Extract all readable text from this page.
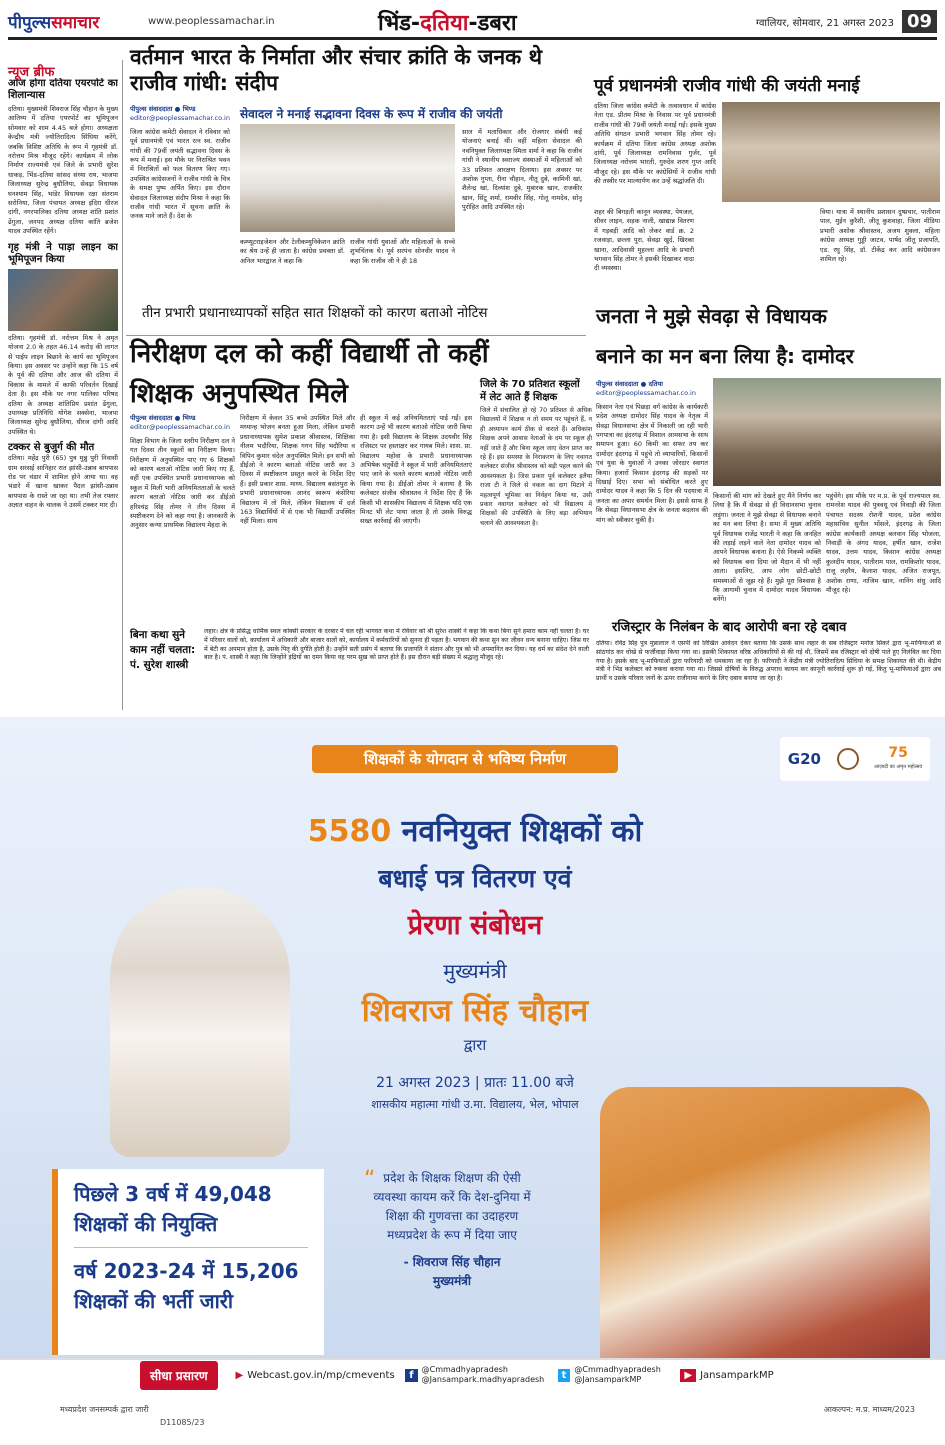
पीपुल्ससमाचार	www.peoplessamachar.in	भिंड-दतिया-डबरा	ग्वालियर, सोमवार, 21 अगस्त 2023 09
न्यूज ब्रीफ
आज होगा दतिया एयरपोर्ट का शिलान्यास
दतिया। मुख्यमंत्री शिवराज सिंह चौहान के मुख्य आतिथ्य में दतिया एयरपोर्ट का भूमिपूजन सोमवार को शाम 4.45 बजे होगा। अध्यक्षता केन्द्रीय मंत्री ज्योतिरादित्य सिंधिया करेंगे, जबकि विशिष्ट अतिथि के रूप में गृहमंत्री डॉ. नरोत्तम मिश्र मौजूद रहेंगे। कार्यक्रम में लोक निर्माण राज्यमंत्री एवं जिले के प्रभारी सुरेश धाकड़, भिंड-दतिया सांसद संध्या राय, भाजपा जिलाध्यक्ष सुरेन्द्र बुधौलिया, सेवढ़ा विधायक घनश्याम सिंह, भांडेर विधायक रक्षा संतराम सरोनिया, जिला पंचायत अध्यक्ष इंदिरा धीरज दांगी, नगरपालिका दतिया अध्यक्ष शांति प्रशांत ढेंगुला, जनपद अध्यक्ष दतिया कांति ब्रजेश यादव उपस्थित रहेंगे।
गृह मंत्री ने पाड़ा लाइन का भूमिपूजन किया
दतिया। गृहमंत्री डॉ. नरोत्तम मिश्र ने अमृत योजना 2.0 के तहत 46.14 करोड़ की लागत से पाईप लाइन बिछाने के कार्य का भूमिपूजन किया। इस अवसर पर उन्होंने कहा कि 15 वर्ष के पूर्व की दतिया और आज की दतिया में विकास के मामले में काफी परिवर्तन दिखाई देता है। इस मौके पर नगर पालिका परिषद दतिया के अध्यक्ष शांतिप्रिय प्रशांत ढेंगुला, उपाध्यक्ष प्रतिनिधि योगेश सक्सेना, भाजपा जिलाध्यक्ष सुरेन्द्र बुधौलिया, धीरज दांगी आदि उपस्थित थे।
टक्कर से बुजुर्ग की मौत
दतिया। महेंद्र पुरी (65) पुत्र मुन्नु पुरी निवासी ग्राम सरसई सानिहार रात झांसी-उन्नाव बायपास रोड पर चंडार में शामिल होने आया था। वह भंडारे में खाना खाकर पैदल झांसी-उन्नाव बायपास के रास्ते जा रहा था। तभी तेज रफ्तार अज्ञात वाहन के चालक ने उसमें टक्कर मार दी।
वर्तमान भारत के निर्माता और संचार क्रांति के जनक थे राजीव गांधी: संदीप
पीपुल्स संवाददाता ● भिण्ड
editor@peoplessamachar.co.in
जिला कांग्रेस कमेटी सेवादल ने रविवार को पूर्व प्रधानमंत्री एवं भारत रत्न स्व. राजीव गांधी की 79वीं जयंती सद्भावना दिवस के रूप में मनाई। इस मौके पर निराश्रित भवन में निराश्रितों को फल वितरण किए गए। उपस्थित कांग्रेसजनों ने राजीव गांधी के चित्र के समक्ष पुष्प अर्पित किए। इस दौरान सेवादल जिलाध्यक्ष संदीप मिश्रा ने कहा कि राजीव गांधी भारत में सूचना क्रांति के जनक माने जाते हैं। देश के
सेवादल ने मनाई सद्भावना दिवस के रूप में राजीव की जयंती
कम्प्यूटराइजेशन और टेलीकम्युनिकेशन क्रांति का श्रेय उन्हें ही जाता है। कांग्रेस प्रवक्ता डॉ. अनिल भारद्वाज ने कहा कि
राजीव गांधी युवाओं और महिलाओं के सच्चे शुभचिंतक थे। पूर्व सरपंच सोनवीर यादव ने कहा कि राजीव जी ने ही 18
साल में मताधिकार और रोजगार संबंधी कई योजनाएं बनाई थीं। वहीं महिला सेवादल की नवनियुक्त जिलाध्यक्ष स्मिता शर्मा ने कहा कि राजीव गांधी ने स्थानीय स्वराज्य संस्थाओं में महिलाओं को 33 प्रतिशत आरक्षण दिलाया। इस अवसर पर अशोक गुप्ता, रीना चौहान, नीतू दुबे, कामिनी खां, शैलेन्द्र खां, दिव्यांश दुबे, मुबारक खान, राजकीर खान, सिंटू शर्मा, रामवीर सिंह, गोलू नामदेव, सोनू पुरोहित आदि उपस्थित रहे।
पूर्व प्रधानमंत्री राजीव गांधी की जयंती मनाई
दतिया जिला कांग्रेस कमेटी के तत्वावधान में कांग्रेस नेता एड. प्रीतम मिश्रा के निवास पर पूर्व प्रधानमंत्री राजीव गांधी की 79वीं जयंती मनाई गई। इसके मुख्य अतिथि संगठन प्रभारी भगवान सिंह तोमर रहे। कार्यक्रम में दतिया जिला कांग्रेस अध्यक्ष अशोक दांगी, पूर्व जिलाध्यक्ष रामनिवास गुर्जर, पूर्व जिलाध्यक्ष नरोत्तम भारती, गुरुदेव शरण गुप्त आदि मौजूद रहे। इस मौके पर कांग्रेसियों ने राजीव गांधी की तस्वीर पर माल्यार्पण कर उन्हें श्रद्धांजलि दी।
शहर की बिगड़ती कानून व्यवस्था, पेयजल, सीवर लाइन, सड़क नाली, खाद्यान्न वितरण में गड़बड़ी आदि को लेकर वार्ड क्र. 2 रजवाड़ा, छल्ला पुरा, सेवढ़ा खुर्द, खिरका खाना, आदिवासी मुहल्ला आदि के प्रभारी भगवान सिंह तोमर ने इसकी दिखाकर वादा दी व्यवस्था।
विया। यात्रा में स्थानीय प्रशासन दुष्प्रचार, पातीराम पाल, मुईन कुरैशी, जीतू कुशवाहा, जिला मीडिया प्रभारी अशोक श्रीवास्तव, अजय शुक्ला, महिला कांग्रेस अध्यक्ष गुड्डी जाटव, पार्षद जीतू प्रजापति, एड. रघु सिंह, डॉ. टीकेंद्र कर आदि कांग्रेसजन शामिल रहे।
तीन प्रभारी प्रधानाध्यापकों सहित सात शिक्षकों को कारण बताओ नोटिस
निरीक्षण दल को कहीं विद्यार्थी तो कहीं
शिक्षक अनुपस्थित मिले
पीपुल्स संवाददाता ● भिण्ड
editor@peoplessamachar.co.in
शिक्षा विभाग के जिला स्तरीय निरीक्षण दल ने गत दिवस तीन स्कूलों का निरीक्षण किया। निरीक्षण में अनुपस्थित पाए गए 6 शिक्षकों को कारण बताओ नोटिस जारी किए गए हैं, वहीं एक उपस्थित प्रभारी प्रधानाध्यापक को स्कूल में मिली भारी अनियमितताओं के चलते कारण बताओ नोटिस जारी कर डीईओ हरिश्चंद्र सिंह तोमर ने तीन दिवस में स्पष्टीकरण देने को कहा गया है। जानकारी के अनुसार कन्या प्राथमिक विद्यालय मेहदा के
निरीक्षण में केवल 35 बच्चे उपस्थित मिले और मध्यान्ह भोजन बनता हुआ मिला, लेकिन प्रभारी प्रधानाध्यापक सुमेश प्रकाश श्रीवास्तव, शिक्षिका नीलम भदौरिया, शिक्षक गगन सिंह भदौरिया व विपिन कुमार चंदेल अनुपस्थित मिले। इन सभी को डीईओ ने कारण बताओ नोटिस जारी कर 3 दिवस में स्पष्टीकरण प्रस्तुत करने के निर्देश दिए हैं। इसी प्रकार शास. माध्य. विद्यालय बसंतपुरा के प्रभारी प्रधानाध्यापक आनंद स्वरूप कंसेरिया विद्यालय में तो मिले, लेकिन विद्यालय में दर्ज 163 विद्यार्थियों में से एक भी विद्यार्थी उपस्थित नहीं मिला। साथ
ही स्कूल में कई अनियमितताएं पाई गईं। इस कारण उन्हें भी कारण बताओ नोटिस जारी किया गया है। इसी विद्यालय के शिक्षक उदयवीर सिंह रजिस्टर पर हस्ताक्षर कर गायब मिले। शास. प्रा. विद्यालय महोवा के प्रभारी प्रधानाध्यापक अभिषेक चतुर्वेदी ने स्कूल में भारी अनियमितताएं पाए जाने के चलते कारण बताओ नोटिस जारी किया गया है। डीईओ तोमर ने बताया है कि कलेक्टर संजीव श्रीवास्तव ने निर्देश दिए हैं कि किसी भी शासकीय विद्यालय में शिक्षक यदि एक मिनट भी लेट पाया जाता है तो उसके विरुद्ध सख्त कार्रवाई की जाएगी।
जिले के 70 प्रतिशत स्कूलों
में लेट आते हैं शिक्षक
जिले में संचालित हो रहे 70 प्रतिशत से अधिक विद्यालयों में शिक्षक न तो समय पर पहुंचते हैं, न ही अध्यापन कार्य ठीक से कराते हैं। अधिकांश शिक्षक अपने आवास नेताओं के दम पर स्कूल ही नहीं जाते हैं और बिना स्कूल जाए वेतन प्राप्त कर रहे हैं। इस समस्या के निराकरण के लिए नवागत कलेक्टर संजीव श्रीवास्तव को बड़ी पहल करने की आवश्यकता है। जिस प्रकार पूर्व कलेक्टर इलैया राजा टी ने जिले से नकल का दाग मिटाने में महत्वपूर्ण भूमिका का निर्वहन किया था, उसी प्रकार नवागत कलेक्टर को भी विद्यालय में शिक्षकों की उपस्थिति के लिए बड़ा अभियान चलाने की आवश्यकता है।
जनता ने मुझे सेवढ़ा से विधायक
बनाने का मन बना लिया है: दामोदर
पीपुल्स संवाददाता ● दतिया
editor@peoplessamachar.co.in
किसान नेता एवं पिछड़ा वर्ग कांग्रेस के कार्यकारी प्रदेश अध्यक्ष दामोदर सिंह यादव के नेतृत्व में सेवढ़ा विधानसभा क्षेत्र में निकाली जा रही भारी पगपात्रा का इंदरगढ़ में विशाल आमसभा के साथ समापन हुआ। 60 किमी का सफर तय कर दामोदर इंदरगढ़ में पहुंचे तो व्यापारियों, किसानों एवं युवा के युवाओं ने उनका जोरदार स्वागत किया। हजारों किसान इंदरगढ़ की सड़कों पर दिखाई दिए। सभा को संबोधित करते हुए दामोदर यादव ने कहा कि 5 दिन की पदयात्रा में जनता का अपार समर्थन मिला है। इससे साफ है कि सेवढ़ा विधानसभा क्षेत्र के जनता बदलाव की मांग को स्वीकार चुकी है।
किसानों की मांग को देखते हुए मैंने निर्णय कर लिया है कि मैं सेवढ़ा से ही विधानसभा चुनाव लड़ूंगा। जनता ने मुझे सेवढ़ा से विधायक बनाने का मन बना लिया है। सभा में मुख्य अतिथि पूर्व विधायक राजेंद्र भारती ने कहा कि जनहित की लड़ाई लड़ने वाले नेता दामोदर यादव को आपने विधायक बनाना है। ऐसे निकम्मे व्यक्ति को विधायक बना दिया जो मैदान में भी नहीं आता। इसलिए, आप लोग छोटी-छोटी समस्याओं से जूझ रहे हैं। मुझे पूरा विश्वास है कि आगामी चुनाव में दामोदर यादव विधायक बनेंगे।
पहुंचेंगे। इस मौके पर म.प्र. के पूर्व राज्यपाल स्व. रामनरेश यादव की पुत्रवधू एवं निवाड़ी की जिला पंचायत सदस्य रोशनी यादव, प्रदेश कांग्रेस महासचिव सुनील भोंसले, इंदरगढ़ के जिला कांग्रेस कार्यकारी अध्यक्ष बलवान सिंह भोजला, निवाड़ी के अंगद यादव, हर्षीत खान, राजेश यादव, उत्तम यादव, किसान कांग्रेस अध्यक्ष कुलदीप यादव, पातीराम पाल, रामकिशोर यादव, राजू लहरैय, कैलाश यादव, अजित राजपूत, अशोक राणा, नाजिम खान, नानिंग संधु आदि मौजूद रहे।
रजिस्ट्रार के निलंबन के बाद आरोपी बना रहे दबाव
दतिया। रविंद्र सिंह पुत्र मुन्नालाल ने एसपी को लिखित आवेदन देकर बताया कि उसके साथ लहार के सब रजिस्ट्रार मनोज सिकरे द्वारा भू-माफियाओं से सांठगांठ कर धोखे से फर्जीवाड़ा किया गया था। इसकी शिकायत वरिष्ठ अधिकारियों से की गई थी, जिसमें सब रजिस्ट्रार को दोषी पाते हुए निलंबित कर दिया गया है। इसके बाद भू-माफियाओं द्वारा फरियादी को धमकाया जा रहा है। फरियादी ने केंद्रीय मंत्री ज्योतिरादित्य सिंधिया के समक्ष शिकायत की थी। केंद्रीय मंत्री ने भिंड कलेक्टर को रुकवा कराया गया था। जिससे दोषियों के विरुद्ध अपराध कायम कर कानूनी कार्रवाई शुरू हो गई, किंतु भू-माफियाओं द्वारा अब प्रार्थी व उसके परिवार जनों के ऊपर राजीनामा करने के लिए दबाव बनाया जा रहा है।
बिना कथा सुने काम नहीं चलता: पं. सुरेश शास्त्री
लहार। क्षेत्र के प्रसिद्ध धार्मिक स्थल कांक्सी सरकार के दरबार में चल रही भागवत कथा में रविवार को श्री सुरेश शास्त्री ने कहा कि कथा बिना सुने हमारा काम नहीं चलता है। घर में परिवार वालों को, कार्यालय में अधिकारी और बाजार वालों को, कार्यालय में कर्मचारियों को सुनना ही पड़ता है। भगवान की कथा सुन कर जीवन धन्य बनाना चाहिए। जिस घर में बेटी का अपमान होता है, उसके पितृ की दुर्गति होती है। उन्होंने सती प्रसंग में बताया कि प्रजापति ने संतान और पुत्र को भी अपमानित कर दिया। यह धर्म का संदेश देने वाली बात है। पं. शास्त्री ने कहा कि जिन्होंने इंद्रियों का दमन किया वह परम सुख को प्राप्त होते हैं। इस दौरान बड़ी संख्या में श्रद्धालु मौजूद रहे।
शिक्षकों के योगदान से भविष्य निर्माण	G20	75
आज़ादी का अमृत महोत्सव
5580 नवनियुक्त शिक्षकों को
बधाई पत्र वितरण एवं
प्रेरणा संबोधन
मुख्यमंत्री
शिवराज सिंह चौहान
द्वारा
21 अगस्त 2023 | प्रातः 11.00 बजे
शासकीय महात्मा गांधी उ.मा. विद्यालय, भेल, भोपाल
पिछले 3 वर्ष में 49,048
शिक्षकों की नियुक्ति
वर्ष 2023-24 में 15,206
शिक्षकों की भर्ती जारी
“ प्रदेश के शिक्षक शिक्षण की ऐसी व्यवस्था कायम करें कि देश-दुनिया में शिक्षा की गुणवत्ता का उदाहरण मध्यप्रदेश के रूप में दिया जाए
- शिवराज सिंह चौहान
मुख्यमंत्री
सीधा प्रसारण	▶ Webcast.gov.in/mp/cmevents	f	@Cmmadhyapradesh
@Jansampark.madhyapradesh	t	@Cmmadhyapradesh
@JansamparkMP	▶ JansamparkMP
मध्यप्रदेश जनसम्पर्क द्वारा जारी
D11085/23
आकल्पन: म.प्र. माध्यम/2023
